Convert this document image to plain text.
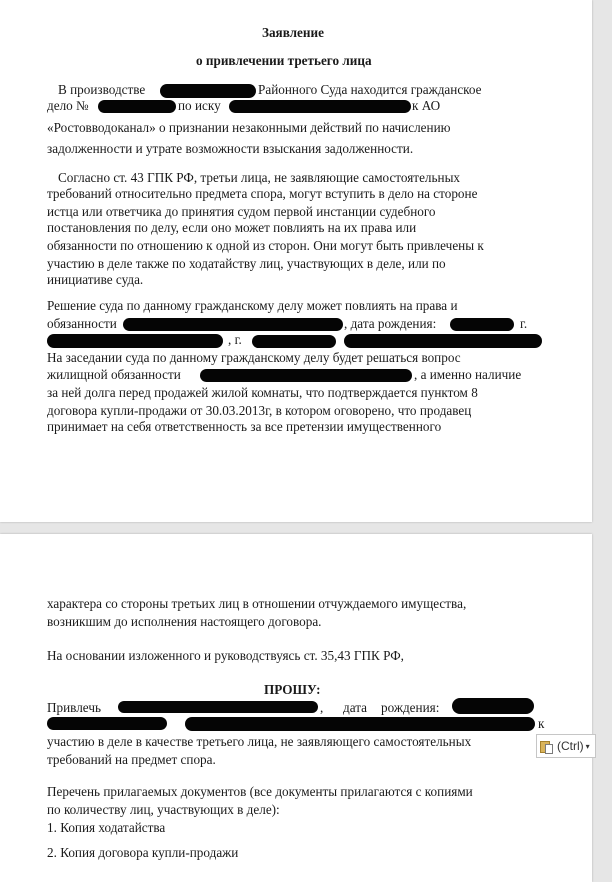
Заявление

о привлечении третьего лица

В производстве	Районного Суда находится гражданское

дело №	по иску	к АО

«Ростовводоканал» о признании незаконными действий по начислению

задолженности и утрате возможности взыскания задолженности.

Согласно ст. 43 ГПК РФ, третьи лица, не заявляющие самостоятельных

требований относительно предмета спора, могут вступить в дело на стороне

истца или ответчика до принятия судом первой инстанции судебного

постановления по делу, если оно может повлиять на их права или

обязанности по отношению к одной из сторон. Они могут быть привлечены к

участию в деле также по ходатайству лиц, участвующих в деле, или по

инициативе суда.

Решение суда по данному гражданскому делу может повлиять на права и

обязанности	, дата рождения:	г.

, г.

На заседании суда по данному гражданскому делу будет решаться вопрос

жилищной обязанности	, а именно наличие

за ней долга перед продажей жилой комнаты, что подтверждается пунктом 8

договора купли-продажи от 30.03.2013г, в котором оговорено, что продавец

принимает на себя ответственность за все претензии имущественного

характера со стороны третьих лиц в отношении отчуждаемого имущества,

возникшим до исполнения настоящего договора.

На основании изложенного и руководствуясь ст. 35,43 ГПК РФ,

ПРОШУ:

Привлечь	, дата рождения:

к

участию в деле в качестве третьего лица, не заявляющего самостоятельных

требований на предмет спора.

Перечень прилагаемых документов (все документы прилагаются с копиями

по количеству лиц, участвующих в деле):

1. Копия ходатайства

2. Копия договора купли-продажи

(Ctrl) ▾
